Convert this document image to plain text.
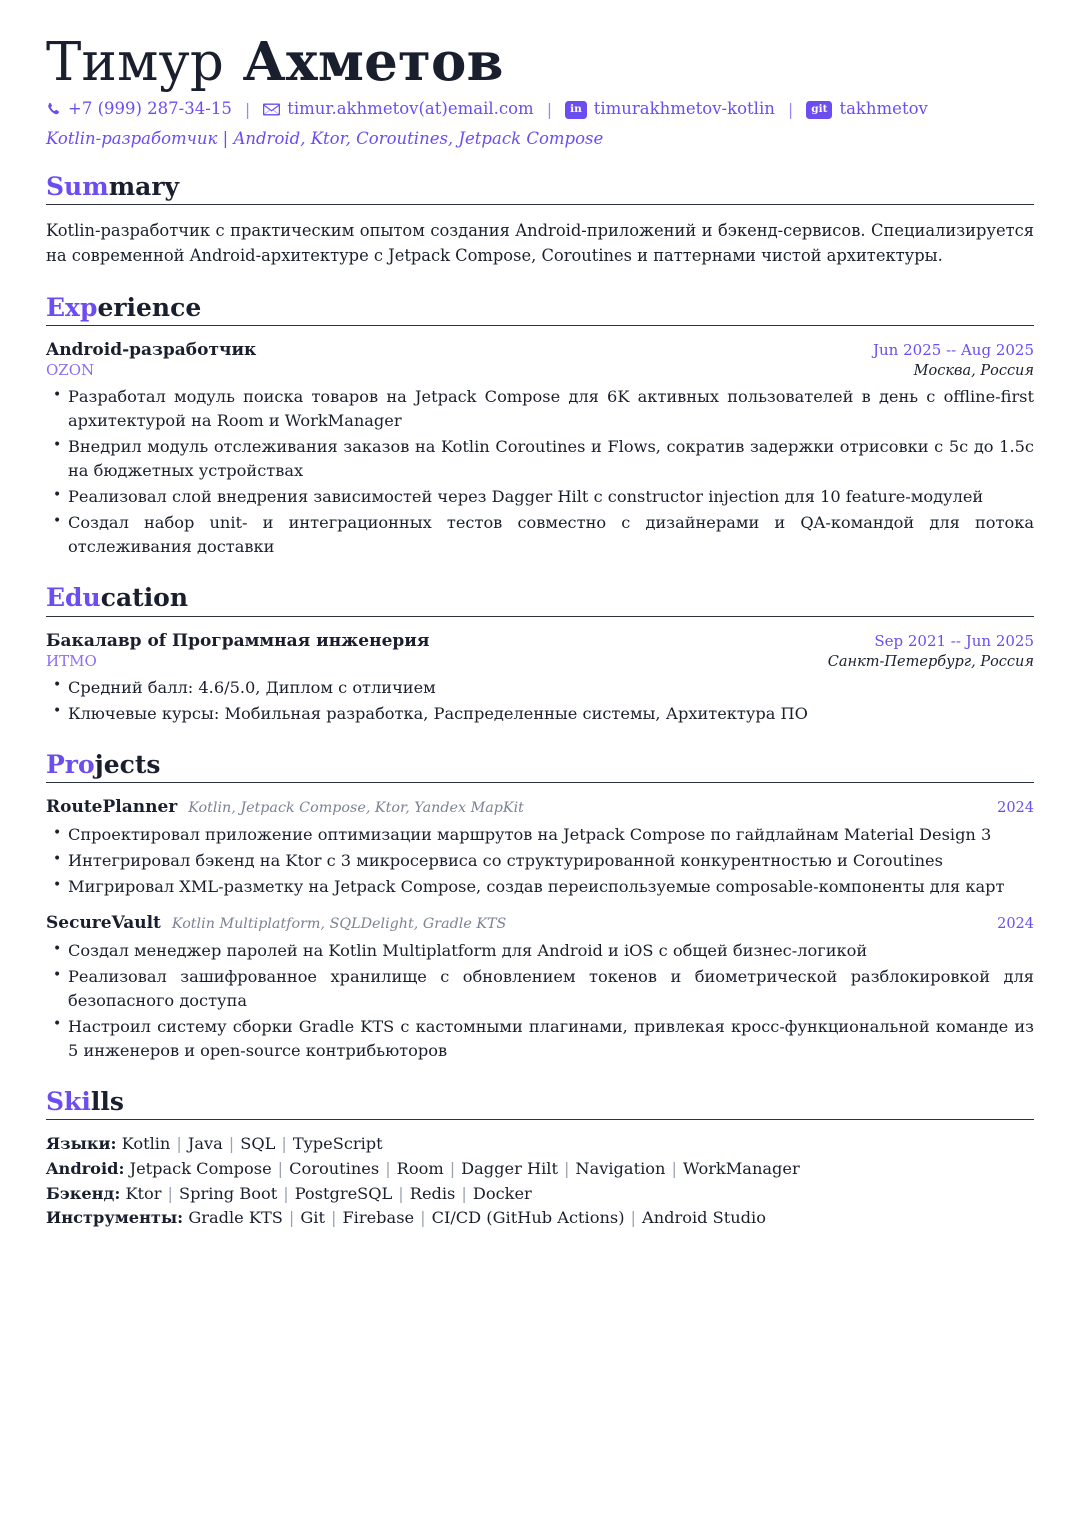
Тимур Ахметов
+7 (999) 287-34-15 |	timur.akhmetov(at)email.com |	in timurakhmetov-kotlin |	git takhmetov
Kotlin-разработчик | Android, Ktor, Coroutines, Jetpack Compose
Summary

Kotlin-разработчик с практическим опытом создания Android-приложений и бэкенд-сервисов. Специализируется на современной Android-архитектуре с Jetpack Compose, Coroutines и паттернами чистой архитектуры.

Experience
Android-разработчик	Jun 2025 -- Aug 2025
OZON	Москва, Россия
• Разработал модуль поиска товаров на Jetpack Compose для 6K активных пользователей в день с offline-first архитектурой на Room и WorkManager
• Внедрил модуль отслеживания заказов на Kotlin Coroutines и Flows, сократив задержки отрисовки с 5с до 1.5с на бюджетных устройствах
• Реализовал слой внедрения зависимостей через Dagger Hilt с constructor injection для 10 feature-модулей
• Создал набор unit- и интеграционных тестов совместно с дизайнерами и QA-командой для потока отслеживания доставки
Education
Бакалавр of Программная инженерия	Sep 2021 -- Jun 2025
ИТМО	Санкт-Петербург, Россия
• Средний балл: 4.6/5.0, Диплом с отличием
• Ключевые курсы: Мобильная разработка, Распределенные системы, Архитектура ПО
Projects
RoutePlanner Kotlin, Jetpack Compose, Ktor, Yandex MapKit	2024
• Спроектировал приложение оптимизации маршрутов на Jetpack Compose по гайдлайнам Material Design 3
• Интегрировал бэкенд на Ktor с 3 микросервиса со структурированной конкурентностью и Coroutines
• Мигрировал XML-разметку на Jetpack Compose, создав переиспользуемые composable-компоненты для карт
SecureVault Kotlin Multiplatform, SQLDelight, Gradle KTS	2024
• Создал менеджер паролей на Kotlin Multiplatform для Android и iOS с общей бизнес-логикой
• Реализовал зашифрованное хранилище с обновлением токенов и биометрической разблокировкой для безопасного доступа
• Настроил систему сборки Gradle KTS с кастомными плагинами, привлекая кросс-функциональной команде из 5 инженеров и open-source контрибьюторов
Skills
Языки: Kotlin | Java | SQL | TypeScript
Android: Jetpack Compose | Coroutines | Room | Dagger Hilt | Navigation | WorkManager
Бэкенд: Ktor | Spring Boot | PostgreSQL | Redis | Docker
Инструменты: Gradle KTS | Git | Firebase | CI/CD (GitHub Actions) | Android Studio
